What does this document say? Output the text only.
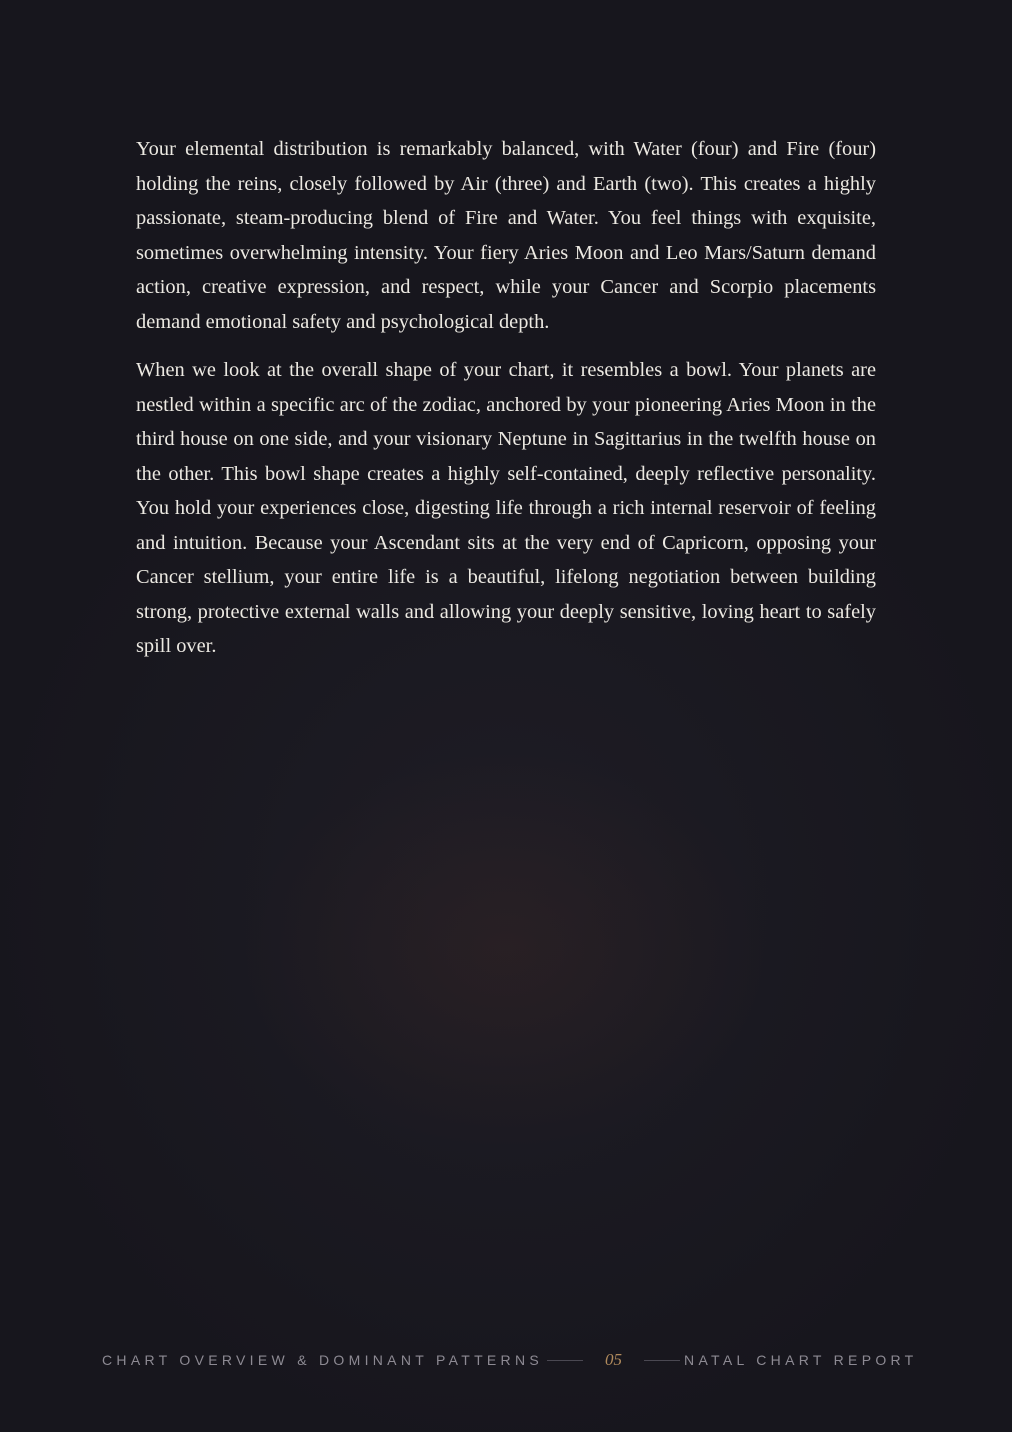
Your elemental distribution is remarkably balanced, with Water (four) and Fire (four) holding the reins, closely followed by Air (three) and Earth (two). This creates a highly passionate, steam-producing blend of Fire and Water. You feel things with exquisite, sometimes overwhelming intensity. Your fiery Aries Moon and Leo Mars/Saturn demand action, creative expression, and respect, while your Cancer and Scorpio placements demand emotional safety and psychological depth.

When we look at the overall shape of your chart, it resembles a bowl. Your planets are nestled within a specific arc of the zodiac, anchored by your pioneering Aries Moon in the third house on one side, and your visionary Neptune in Sagittarius in the twelfth house on the other. This bowl shape creates a highly self-contained, deeply reflective personality. You hold your experiences close, digesting life through a rich internal reservoir of feeling and intuition. Because your Ascendant sits at the very end of Capricorn, opposing your Cancer stellium, your entire life is a beautiful, lifelong negotiation between building strong, protective external walls and allowing your deeply sensitive, loving heart to safely spill over.

CHART OVERVIEW & DOMINANT PATTERNS	05	NATAL CHART REPORT
